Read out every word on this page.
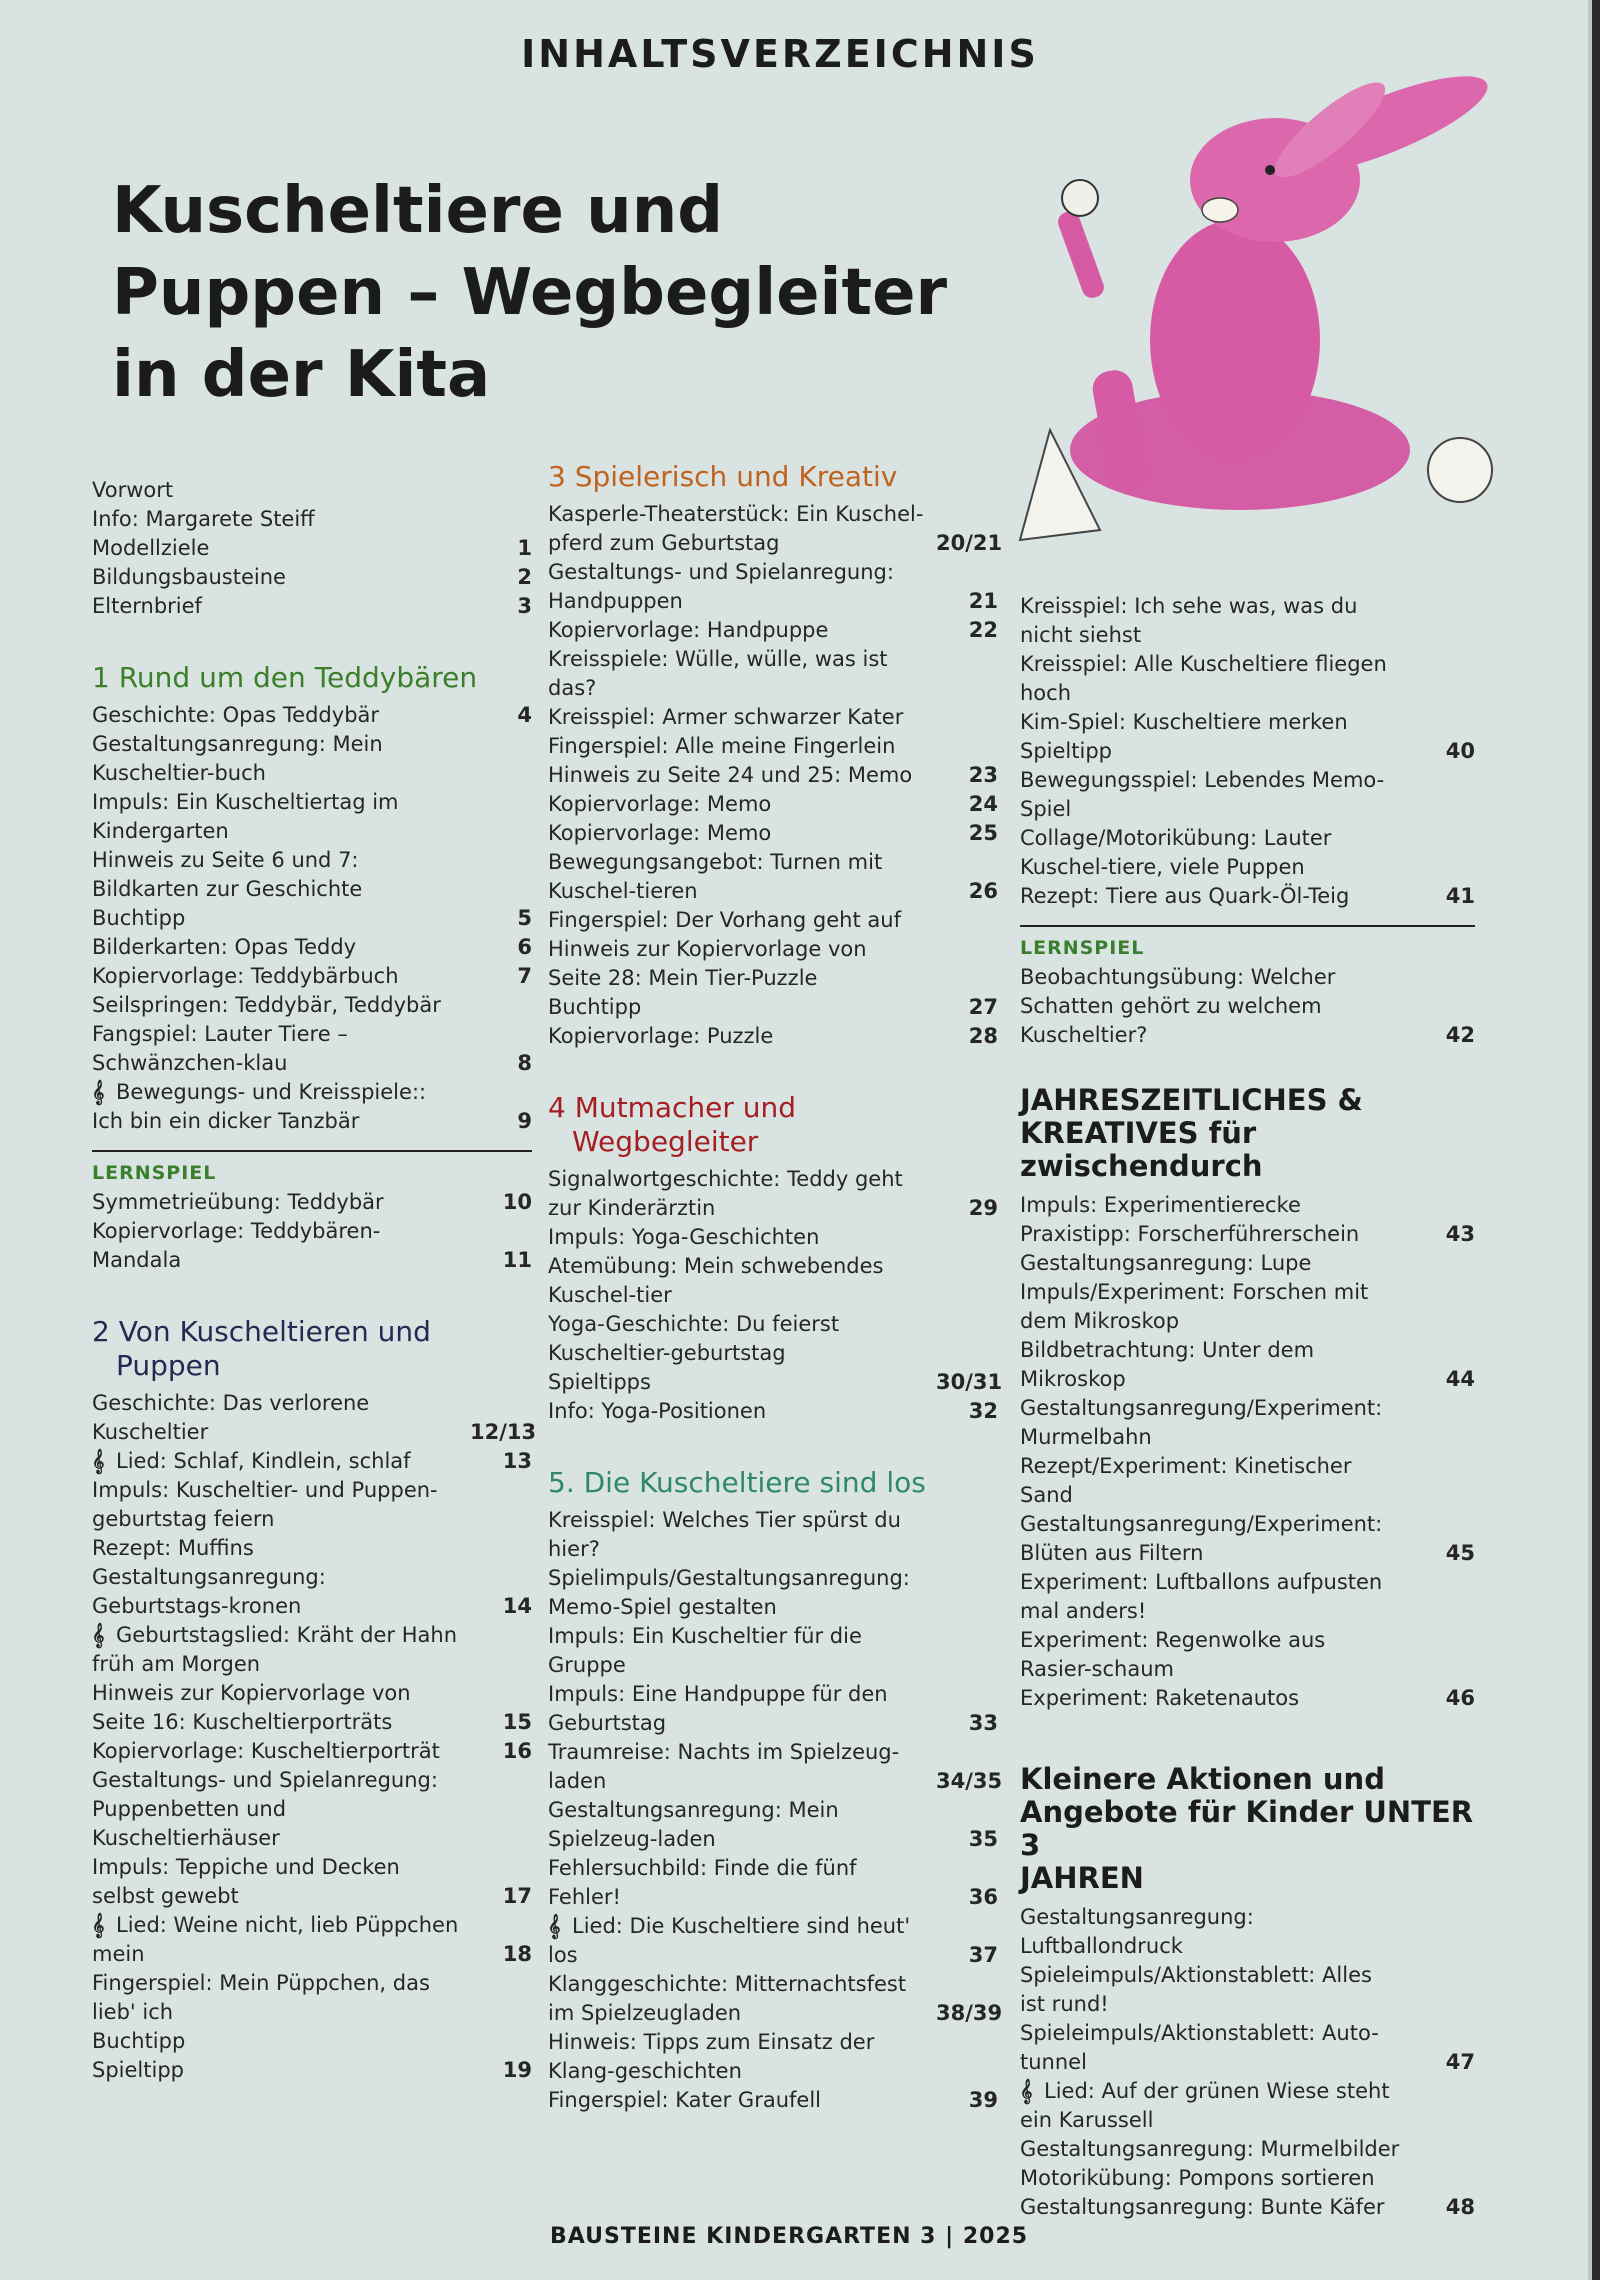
INHALTSVERZEICHNIS
Kuscheltiere und
Puppen – Wegbegleiter
in der Kita
Vorwort
Info: Margarete Steiff
Modellziele	1
Bildungsbausteine	2
Elternbrief	3
1 Rund um den Teddybären
Geschichte: Opas Teddybär	4
Gestaltungsanregung: Mein Kuscheltier-buch
Impuls: Ein Kuscheltiertag im Kindergarten
Hinweis zu Seite 6 und 7: Bildkarten zur Geschichte
Buchtipp	5
Bilderkarten: Opas Teddy	6
Kopiervorlage: Teddybärbuch	7
Seilspringen: Teddybär, Teddybär
Fangspiel: Lauter Tiere – Schwänzchen-klau	8
𝄞 Bewegungs- und Kreisspiele:: Ich bin ein dicker Tanzbär	9
LERNSPIEL
Symmetrieübung: Teddybär	10
Kopiervorlage: Teddybären-Mandala	11
2 Von Kuscheltieren und
Puppen
Geschichte: Das verlorene Kuscheltier	12/13
𝄞 Lied: Schlaf, Kindlein, schlaf	13
Impuls: Kuscheltier- und Puppen-geburtstag feiern
Rezept: Muffins
Gestaltungsanregung: Geburtstags-kronen	14
𝄞 Geburtstagslied: Kräht der Hahn früh am Morgen
Hinweis zur Kopiervorlage von Seite 16: Kuscheltierporträts	15
Kopiervorlage: Kuscheltierporträt	16
Gestaltungs- und Spielanregung: Puppenbetten und Kuscheltierhäuser
Impuls: Teppiche und Decken selbst gewebt	17
𝄞 Lied: Weine nicht, lieb Püppchen mein	18
Fingerspiel: Mein Püppchen, das lieb' ich
Buchtipp
Spieltipp	19
3 Spielerisch und Kreativ
Kasperle-Theaterstück: Ein Kuschel-pferd zum Geburtstag	20/21
Gestaltungs- und Spielanregung: Handpuppen	21
Kopiervorlage: Handpuppe	22
Kreisspiele: Wülle, wülle, was ist das?
Kreisspiel: Armer schwarzer Kater
Fingerspiel: Alle meine Fingerlein
Hinweis zu Seite 24 und 25: Memo	23
Kopiervorlage: Memo	24
Kopiervorlage: Memo	25
Bewegungsangebot: Turnen mit Kuschel-tieren	26
Fingerspiel: Der Vorhang geht auf
Hinweis zur Kopiervorlage von Seite 28: Mein Tier-Puzzle
Buchtipp	27
Kopiervorlage: Puzzle	28
4 Mutmacher und
Wegbegleiter
Signalwortgeschichte: Teddy geht zur Kinderärztin	29
Impuls: Yoga-Geschichten
Atemübung: Mein schwebendes Kuschel-tier
Yoga-Geschichte: Du feierst Kuscheltier-geburtstag
Spieltipps	30/31
Info: Yoga-Positionen	32
5. Die Kuscheltiere sind los
Kreisspiel: Welches Tier spürst du hier?
Spielimpuls/Gestaltungsanregung: Memo-Spiel gestalten
Impuls: Ein Kuscheltier für die Gruppe
Impuls: Eine Handpuppe für den Geburtstag	33
Traumreise: Nachts im Spielzeug-laden	34/35
Gestaltungsanregung: Mein Spielzeug-laden	35
Fehlersuchbild: Finde die fünf Fehler!	36
𝄞 Lied: Die Kuscheltiere sind heut' los	37
Klanggeschichte: Mitternachtsfest im Spielzeugladen	38/39
Hinweis: Tipps zum Einsatz der Klang-geschichten
Fingerspiel: Kater Graufell	39
Kreisspiel: Ich sehe was, was du nicht siehst
Kreisspiel: Alle Kuscheltiere fliegen hoch
Kim-Spiel: Kuscheltiere merken
Spieltipp	40
Bewegungsspiel: Lebendes Memo-Spiel
Collage/Motorikübung: Lauter Kuschel-tiere, viele Puppen
Rezept: Tiere aus Quark-Öl-Teig	41
LERNSPIEL
Beobachtungsübung: Welcher Schatten gehört zu welchem Kuscheltier?	42
JAHRESZEITLICHES &
KREATIVES für zwischendurch
Impuls: Experimentierecke
Praxistipp: Forscherführerschein	43
Gestaltungsanregung: Lupe
Impuls/Experiment: Forschen mit dem Mikroskop
Bildbetrachtung: Unter dem Mikroskop	44
Gestaltungsanregung/Experiment: Murmelbahn
Rezept/Experiment: Kinetischer Sand
Gestaltungsanregung/Experiment: Blüten aus Filtern	45
Experiment: Luftballons aufpusten mal anders!
Experiment: Regenwolke aus Rasier-schaum
Experiment: Raketenautos	46
Kleinere Aktionen und
Angebote für Kinder UNTER 3
JAHREN
Gestaltungsanregung: Luftballondruck
Spieleimpuls/Aktionstablett: Alles ist rund!
Spieleimpuls/Aktionstablett: Auto-tunnel	47
𝄞 Lied: Auf der grünen Wiese steht ein Karussell
Gestaltungsanregung: Murmelbilder
Motorikübung: Pompons sortieren
Gestaltungsanregung: Bunte Käfer	48
BAUSTEINE KINDERGARTEN 3 | 2025
